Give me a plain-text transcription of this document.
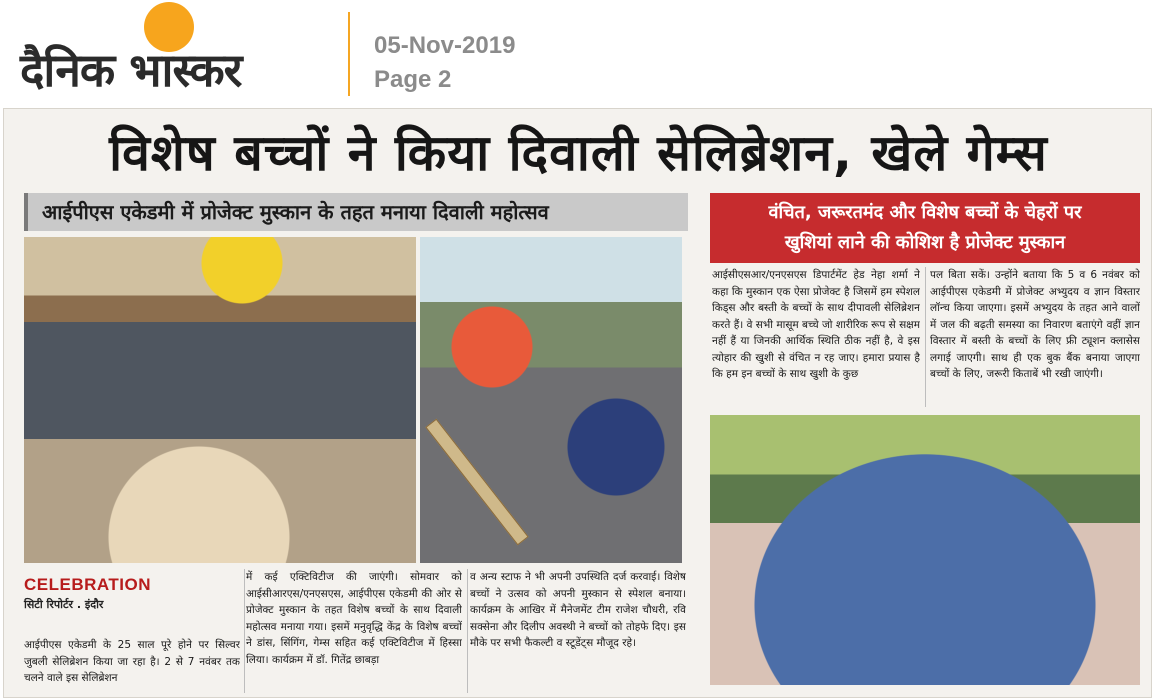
दैनिक भास्कर	05-Nov-2019
Page 2
विशेष बच्चों ने किया दिवाली सेलिब्रेशन, खेले गेम्स
आईपीएस एकेडमी में प्रोजेक्ट मुस्कान के तहत मनाया दिवाली महोत्सव	वंचित, जरूरतमंद और विशेष बच्चों के चेहरों पर
खुशियां लाने की कोशिश है प्रोजेक्ट मुस्कान
आईसीएसआर/एनएसएस डिपार्टमेंट हेड नेहा शर्मा ने कहा कि मुस्कान एक ऐसा प्रोजेक्ट है जिसमें हम स्पेशल किड्स और बस्ती के बच्चों के साथ दीपावली सेलिब्रेशन करते हैं। वे सभी मासूम बच्चे जो शारीरिक रूप से सक्षम नहीं हैं या जिनकी आर्थिक स्थिति ठीक नहीं है, वे इस त्योहार की खुशी से वंचित न रह जाए। हमारा प्रयास है कि हम इन बच्चों के साथ खुशी के कुछ
पल बिता सकें। उन्होंने बताया कि 5 व 6 नवंबर को आईपीएस एकेडमी में प्रोजेक्ट अभ्युदय व ज्ञान विस्तार लॉन्च किया जाएगा। इसमें अभ्युदय के तहत आने वालों में जल की बढ़ती समस्या का निवारण बताएंगे वहीं ज्ञान विस्तार में बस्ती के बच्चों के लिए फ्री ट्यूशन क्लासेस लगाई जाएगी। साथ ही एक बुक बैंक बनाया जाएगा बच्चों के लिए, जरूरी किताबें भी रखी जाएंगी।
CELEBRATION
सिटी रिपोर्टर . इंदौर
आईपीएस एकेडमी के 25 साल पूरे होने पर सिल्वर जुबली सेलिब्रेशन किया जा रहा है। 2 से 7 नवंबर तक चलने वाले इस सेलिब्रेशन
में कई एक्टिविटीज की जाएंगी। सोमवार को आईसीआरएस/एनएसएस, आईपीएस एकेडमी की ओर से प्रोजेक्ट मुस्कान के तहत विशेष बच्चों के साथ दिवाली महोत्सव मनाया गया। इसमें मनुवृद्धि केंद्र के विशेष बच्चों ने डांस, सिंगिंग, गेम्स सहित कई एक्टिविटीज में हिस्सा लिया। कार्यक्रम में डॉ. गितेंद्र छाबड़ा
व अन्य स्टाफ ने भी अपनी उपस्थिति दर्ज करवाई। विशेष बच्चों ने उत्सव को अपनी मुस्कान से स्पेशल बनाया। कार्यक्रम के आखिर में मैनेजमेंट टीम राजेश चौधरी, रवि सक्सेना और दिलीप अवस्थी ने बच्चों को तोहफे दिए। इस मौके पर सभी फैकल्टी व स्टूडेंट्स मौजूद रहे।
